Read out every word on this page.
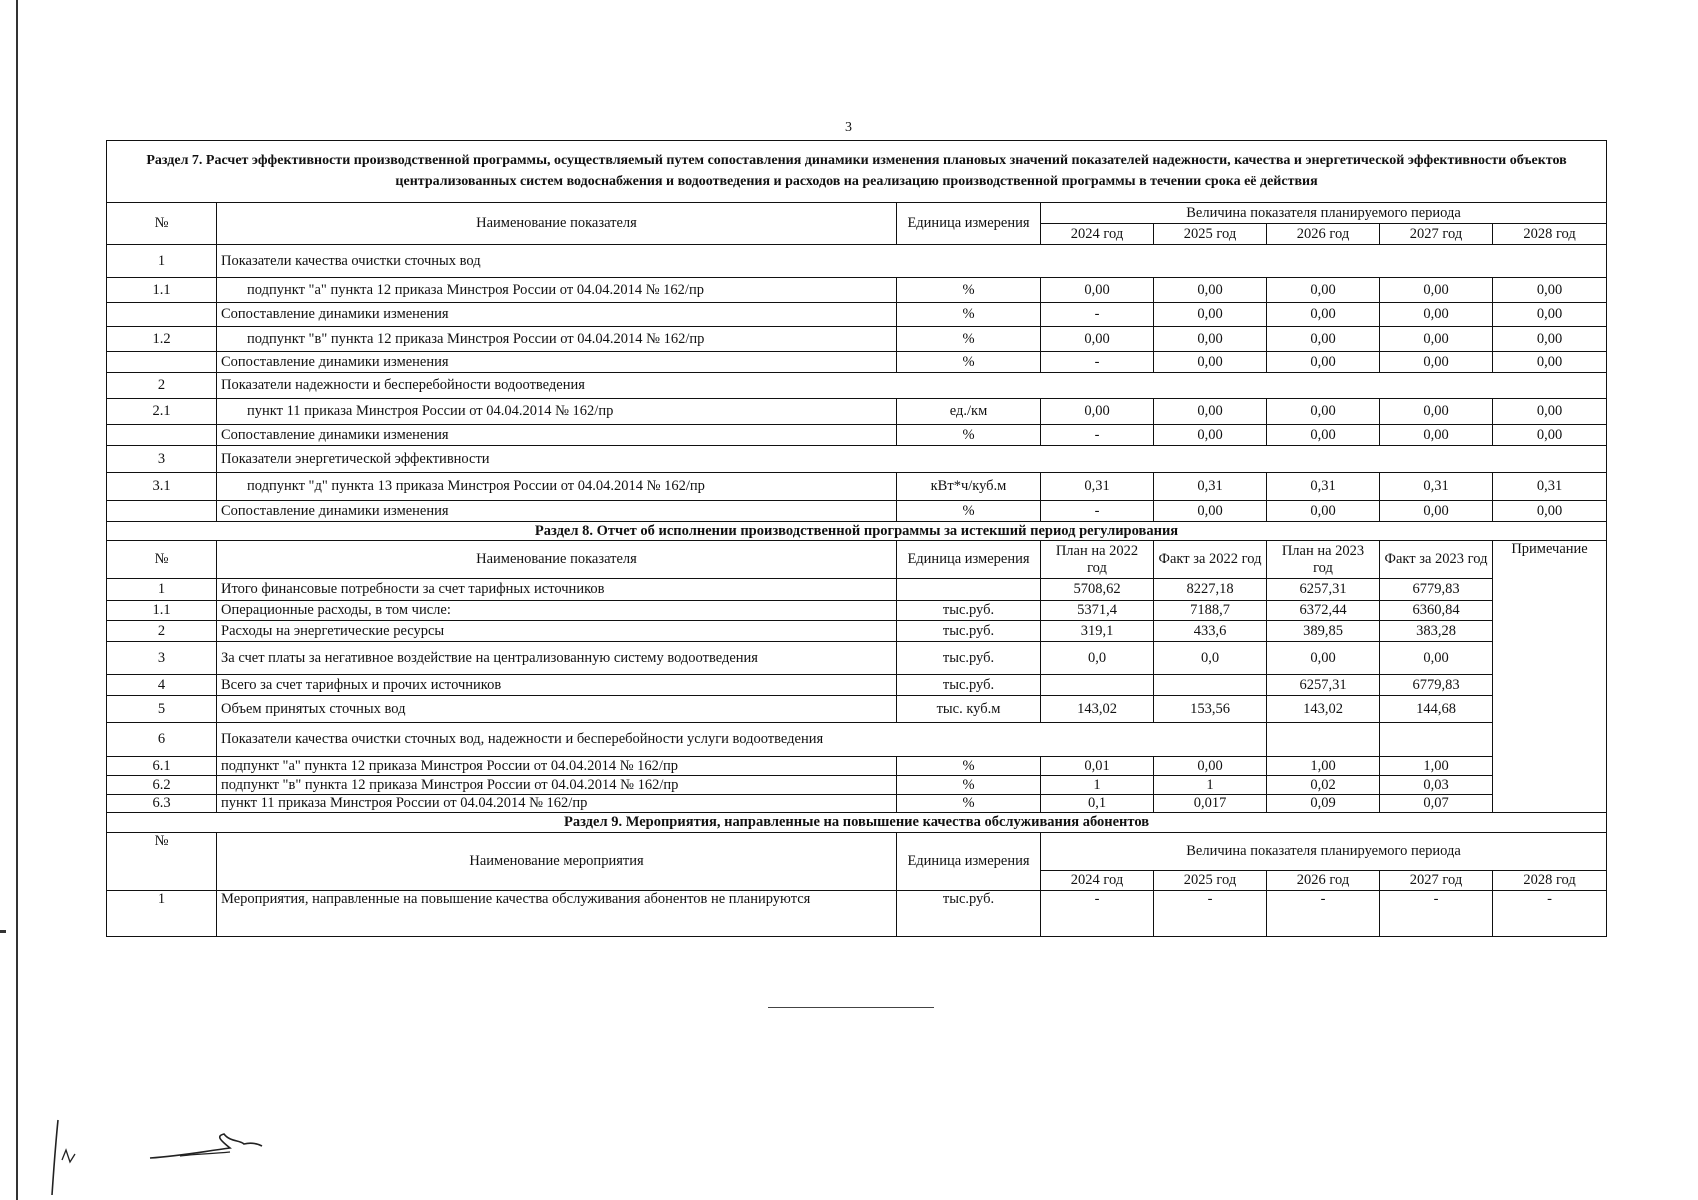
3
Раздел 7. Расчет эффективности производственной программы, осуществляемый путем сопоставления динамики изменения плановых значений показателей надежности, качества и энергетической эффективности объектов централизованных систем водоснабжения и водоотведения и расходов на реализацию производственной программы в течении срока её действия							
№	Наименование показателя	Единица измерения	Величина показателя планируемого периода				
			2024 год	2025 год	2026 год	2027 год	2028 год
1	Показатели качества очистки сточных вод						
1.1	подпункт "а" пункта 12 приказа Минстроя России от 04.04.2014 № 162/пр	%	0,00	0,00	0,00	0,00	0,00
	Сопоставление динамики изменения	%	-	0,00	0,00	0,00	0,00
1.2	подпункт "в" пункта 12 приказа Минстроя России от 04.04.2014 № 162/пр	%	0,00	0,00	0,00	0,00	0,00
	Сопоставление динамики изменения	%	-	0,00	0,00	0,00	0,00
2	Показатели надежности и бесперебойности водоотведения						
2.1	пункт 11 приказа Минстроя России от 04.04.2014 № 162/пр	ед./км	0,00	0,00	0,00	0,00	0,00
	Сопоставление динамики изменения	%	-	0,00	0,00	0,00	0,00
3	Показатели энергетической эффективности						
3.1	подпункт "д" пункта 13 приказа Минстроя России от 04.04.2014 № 162/пр	кВт*ч/куб.м	0,31	0,31	0,31	0,31	0,31
	Сопоставление динамики изменения	%	-	0,00	0,00	0,00	0,00
Раздел 8. Отчет об исполнении производственной программы за истекший период регулирования							
№	Наименование показателя	Единица измерения	План на 2022 год	Факт за 2022 год	План на 2023 год	Факт за 2023 год	Примечание
1	Итого финансовые потребности за счет тарифных источников		5708,62	8227,18	6257,31	6779,83	
1.1	Операционные расходы, в том числе:	тыс.руб.	5371,4	7188,7	6372,44	6360,84	
2	Расходы на энергетические ресурсы	тыс.руб.	319,1	433,6	389,85	383,28	
3	За счет платы за негативное воздействие на централизованную систему водоотведения	тыс.руб.	0,0	0,0	0,00	0,00	
4	Всего за счет тарифных и прочих источников	тыс.руб.			6257,31	6779,83	
5	Объем принятых сточных вод	тыс. куб.м	143,02	153,56	143,02	144,68	
6	Показатели качества очистки сточных вод, надежности и бесперебойности услуги водоотведения						
6.1	подпункт "а" пункта 12 приказа Минстроя России от 04.04.2014 № 162/пр	%	0,01	0,00	1,00	1,00	
6.2	подпункт "в" пункта 12 приказа Минстроя России от 04.04.2014 № 162/пр	%	1	1	0,02	0,03	
6.3	пункт 11 приказа Минстроя России от 04.04.2014 № 162/пр	%	0,1	0,017	0,09	0,07	
Раздел 9. Мероприятия, направленные на повышение качества обслуживания абонентов							
№	Наименование мероприятия	Единица измерения	Величина показателя планируемого периода				
			2024 год	2025 год	2026 год	2027 год	2028 год
1	Мероприятия, направленные на повышение качества обслуживания абонентов не планируются	тыс.руб.	-	-	-	-	-
